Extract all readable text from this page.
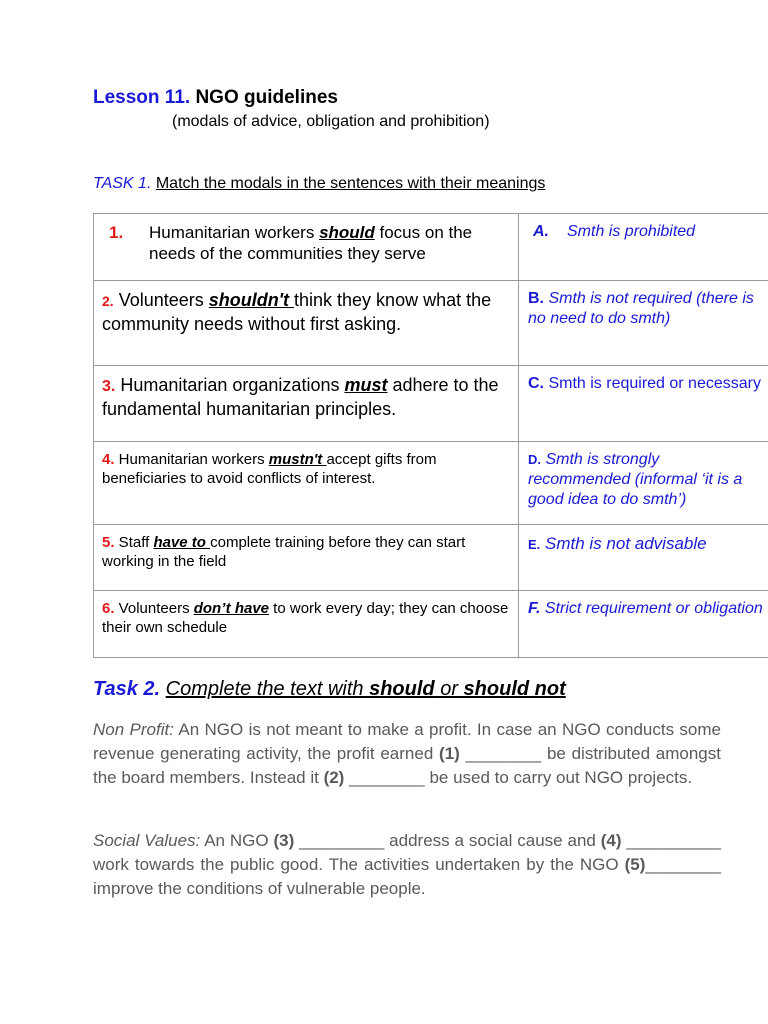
Lesson 11. NGO guidelines
(modals of advice, obligation and prohibition)
TASK 1. Match the modals in the sentences with their meanings
1. Humanitarian workers should focus on the needs of the communities they serve	A. Smth is prohibited

2. Volunteers shouldn't think they know what the community needs without first asking.	B. Smth is not required (there is no need to do smth)

3. Humanitarian organizations must adhere to the fundamental humanitarian principles.	C. Smth is required or necessary

4. Humanitarian workers mustn't accept gifts from beneficiaries to avoid conflicts of interest.	D. Smth is strongly recommended (informal ‘it is a good idea to do smth’)

5. Staff have to complete training before they can start working in the field	E. Smth is not advisable

6. Volunteers don’t have to work every day; they can choose their own schedule	F. Strict requirement or obligation
Task 2. Complete the text with should or should not
Non Profit: An NGO is not meant to make a profit. In case an NGO conducts some revenue generating activity, the profit earned (1) ________ be distributed amongst the board members. Instead it (2) ________ be used to carry out NGO projects.
Social Values: An NGO (3) _________ address a social cause and (4) __________ work towards the public good. The activities undertaken by the NGO (5)________ improve the conditions of vulnerable people.
